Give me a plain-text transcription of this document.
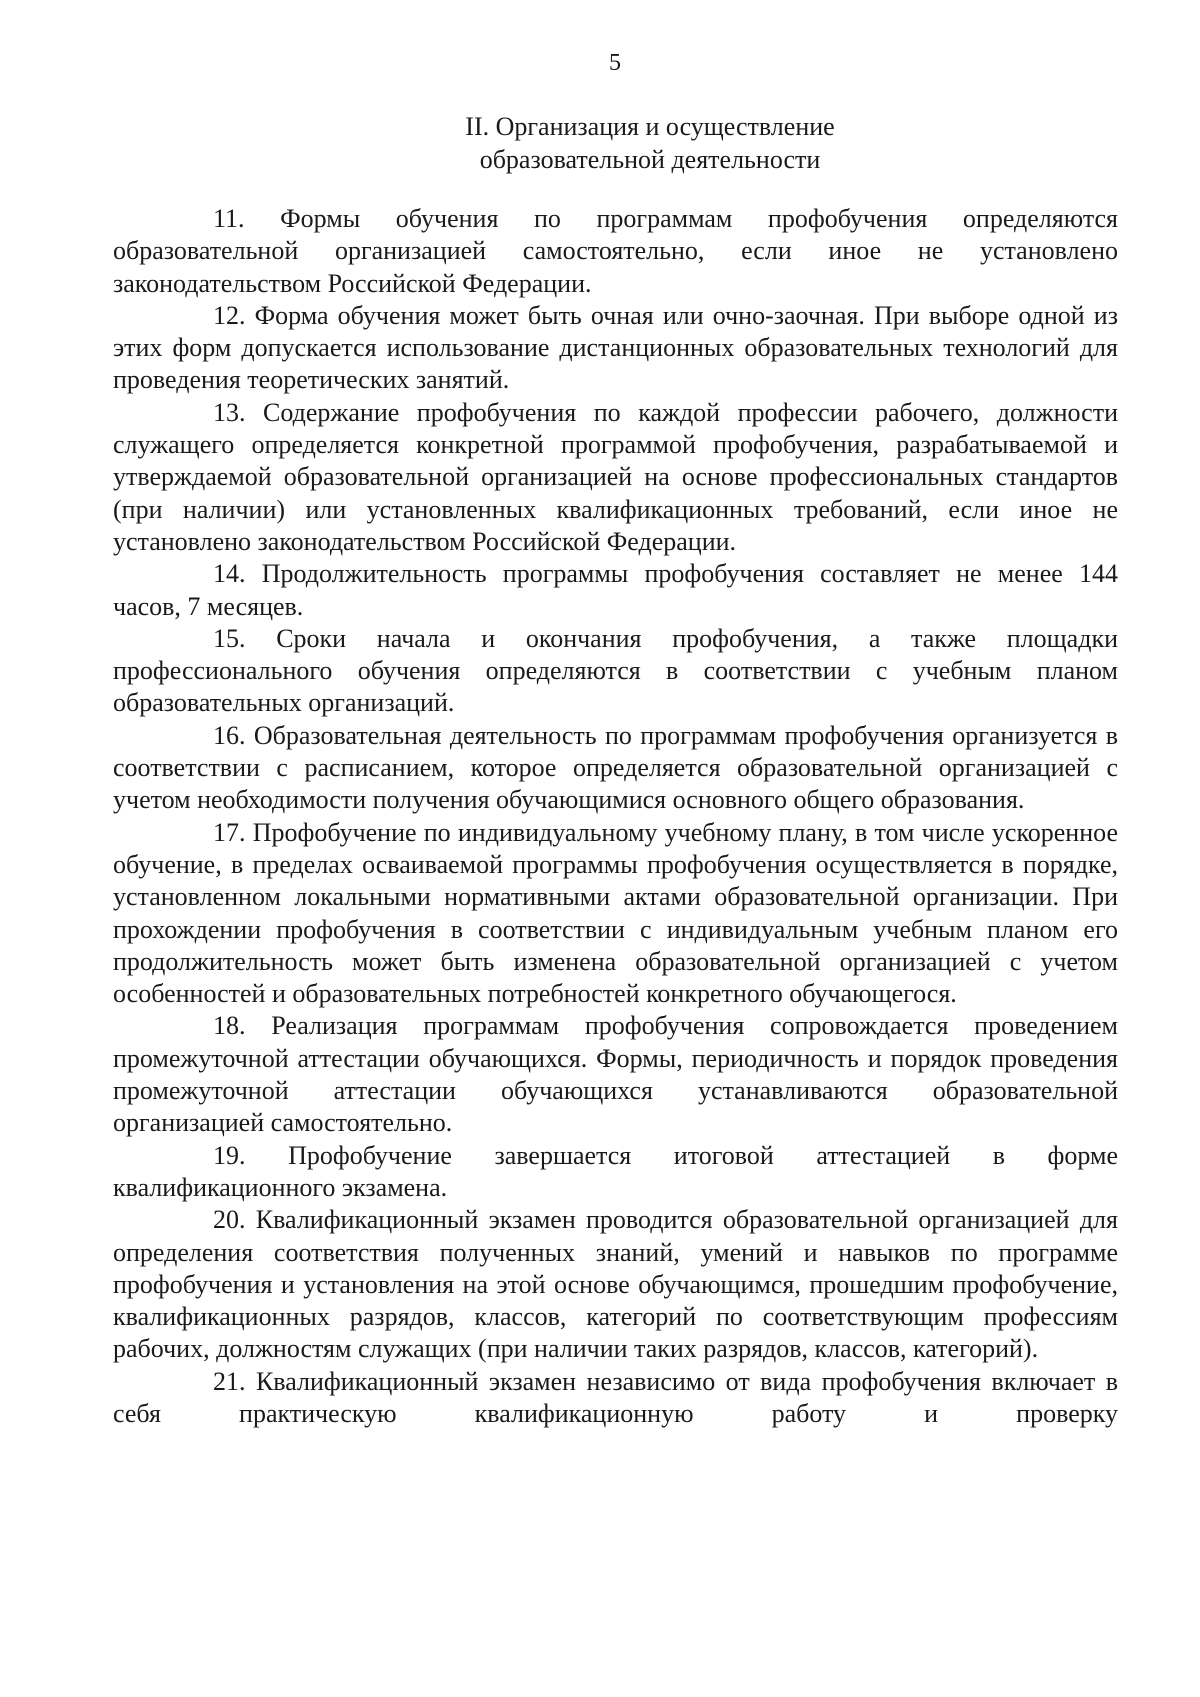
5
II. Организация и осуществление
образовательной деятельности

11. Формы обучения по программам профобучения определяются образовательной организацией самостоятельно, если иное не установлено законодательством Российской Федерации.

12. Форма обучения может быть очная или очно-заочная. При выборе одной из этих форм допускается использование дистанционных образовательных технологий для проведения теоретических занятий.

13. Содержание профобучения по каждой профессии рабочего, должности служащего определяется конкретной программой профобучения, разрабатываемой и утверждаемой образовательной организацией на основе профессиональных стандартов (при наличии) или установленных квалификационных требований, если иное не установлено законодательством Российской Федерации.

14. Продолжительность программы профобучения составляет не менее 144 часов, 7 месяцев.

15. Сроки начала и окончания профобучения, а также площадки профессионального обучения определяются в соответствии с учебным планом образовательных организаций.

16. Образовательная деятельность по программам профобучения организуется в соответствии с расписанием, которое определяется образовательной организацией с учетом необходимости получения обучающимися основного общего образования.

17. Профобучение по индивидуальному учебному плану, в том числе ускоренное обучение, в пределах осваиваемой программы профобучения осуществляется в порядке, установленном локальными нормативными актами образовательной организации. При прохождении профобучения в соответствии с индивидуальным учебным планом его продолжительность может быть изменена образовательной организацией с учетом особенностей и образовательных потребностей конкретного обучающегося.

18. Реализация программам профобучения сопровождается проведением промежуточной аттестации обучающихся. Формы, периодичность и порядок проведения промежуточной аттестации обучающихся устанавливаются образовательной организацией самостоятельно.

19. Профобучение завершается итоговой аттестацией в форме квалификационного экзамена.

20. Квалификационный экзамен проводится образовательной организацией для определения соответствия полученных знаний, умений и навыков по программе профобучения и установления на этой основе обучающимся, прошедшим профобучение, квалификационных разрядов, классов, категорий по соответствующим профессиям рабочих, должностям служащих (при наличии таких разрядов, классов, категорий).

21. Квалификационный экзамен независимо от вида профобучения включает в себя практическую квалификационную работу и проверку
